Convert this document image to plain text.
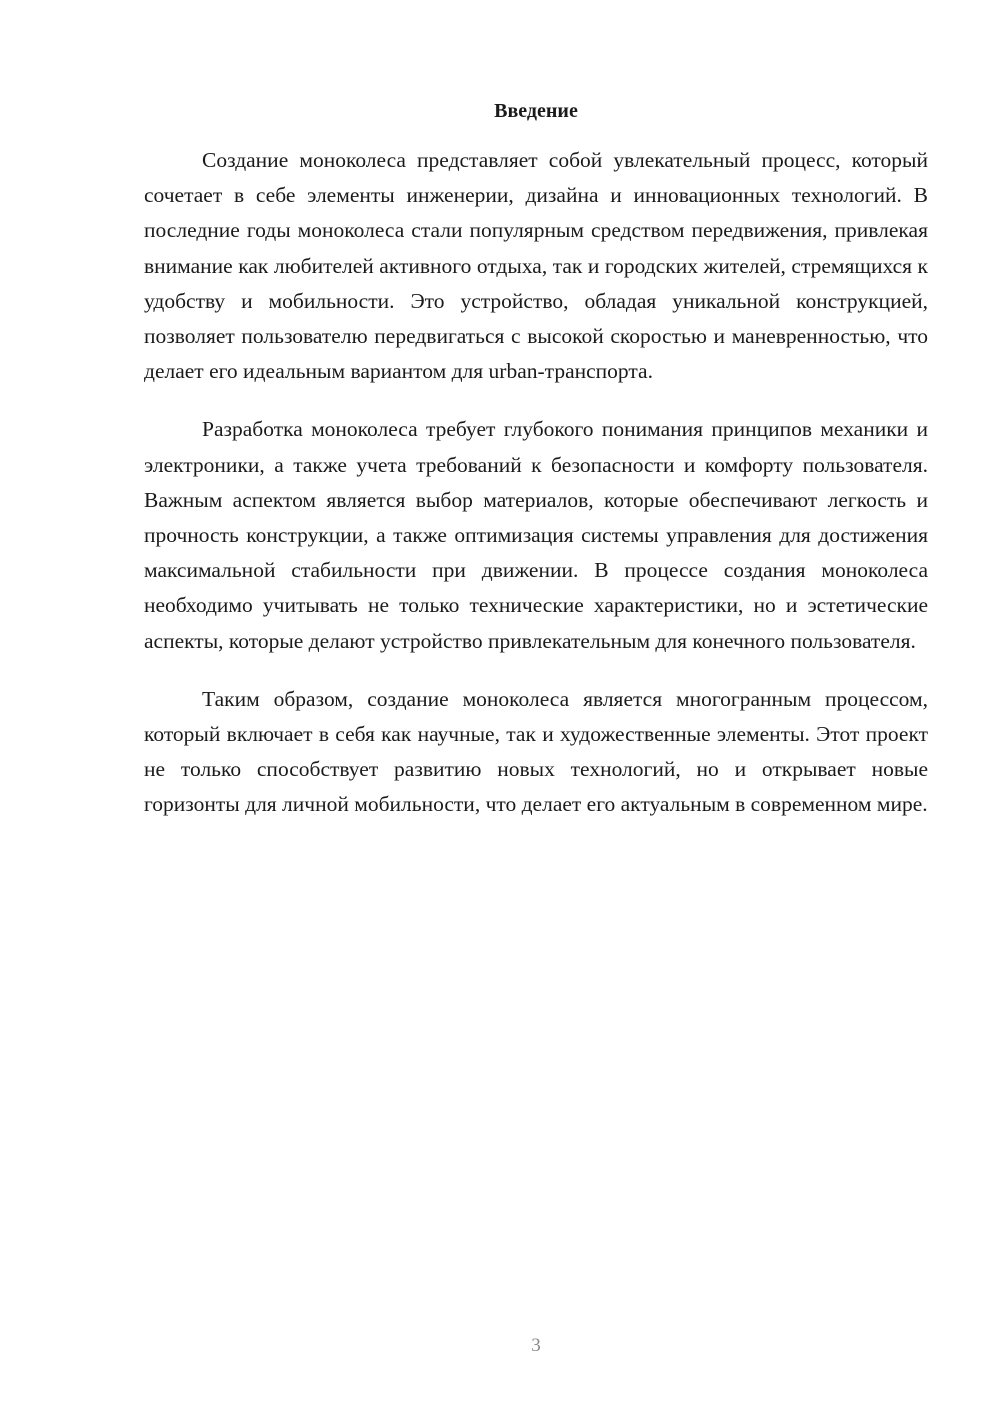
Введение

Создание моноколеса представляет собой увлекательный процесс, который сочетает в себе элементы инженерии, дизайна и инновационных технологий. В последние годы моноколеса стали популярным средством передвижения, привлекая внимание как любителей активного отдыха, так и городских жителей, стремящихся к удобству и мобильности. Это устройство, обладая уникальной конструкцией, позволяет пользователю передвигаться с высокой скоростью и маневренностью, что делает его идеальным вариантом для urban-транспорта.

Разработка моноколеса требует глубокого понимания принципов механики и электроники, а также учета требований к безопасности и комфорту пользователя. Важным аспектом является выбор материалов, которые обеспечивают легкость и прочность конструкции, а также оптимизация системы управления для достижения максимальной стабильности при движении. В процессе создания моноколеса необходимо учитывать не только технические характеристики, но и эстетические аспекты, которые делают устройство привлекательным для конечного пользователя.

Таким образом, создание моноколеса является многогранным процессом, который включает в себя как научные, так и художественные элементы. Этот проект не только способствует развитию новых технологий, но и открывает новые горизонты для личной мобильности, что делает его актуальным в современном мире.

3
